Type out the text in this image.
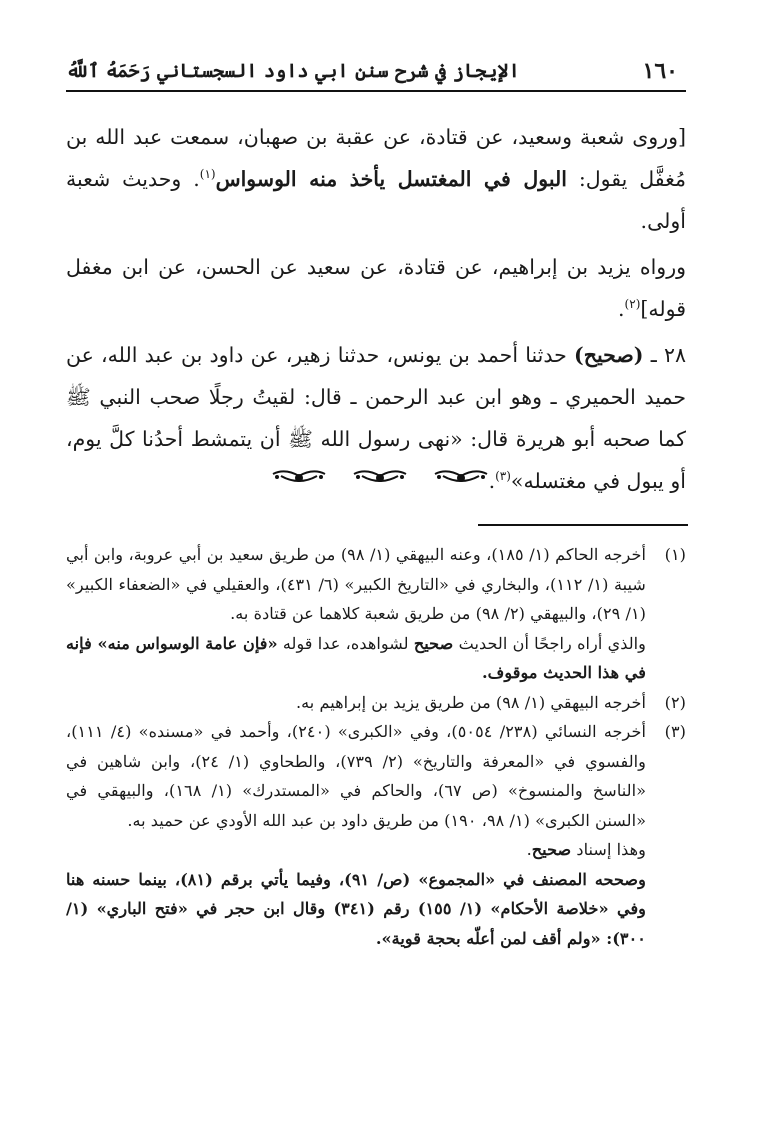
١٦٠
الإيجاز في شرح سنن ابي داود السجستاني رَحَمَهُ ٱللَّهُ

[وروى شعبة وسعيد، عن قتادة، عن عقبة بن صهبان، سمعت عبد الله بن مُغفَّل يقول: البول في المغتسل يأخذ منه الوسواس$^{(١)}$. وحديث شعبة أولى.

ورواه يزيد بن إبراهيم، عن قتادة، عن سعيد عن الحسن، عن ابن مغفل قوله]$^{(٢)}$.

٢٨ ـ (صحيح) حدثنا أحمد بن يونس، حدثنا زهير، عن داود بن عبد الله، عن حميد الحميري ـ وهو ابن عبد الرحمن ـ قال: لقيتُ رجلًا صحب النبي ﷺ كما صحبه أبو هريرة قال: «نهى رسول الله ﷺ أن يتمشط أحدُنا كلَّ يوم، أو يبول في مغتسله»$^{(٣)}$.

(١)

أخرجه الحاكم (١/ ١٨٥)، وعنه البيهقي (١/ ٩٨) من طريق سعيد بن أبي عروبة، وابن أبي شيبة (١/ ١١٢)، والبخاري في «التاريخ الكبير» (٦/ ٤٣١)، والعقيلي في «الضعفاء الكبير» (١/ ٢٩)، والبيهقي (٢/ ٩٨) من طريق شعبة كلاهما عن قتادة به.

والذي أراه راجحًا أن الحديث صحيح لشواهده، عدا قوله «فإن عامة الوسواس منه» فإنه في هذا الحديث موقوف.

(٢)

أخرجه البيهقي (١/ ٩٨) من طريق يزيد بن إبراهيم به.

(٣)

أخرجه النسائي (٢٣٨/ ٥٠٥٤)، وفي «الكبرى» (٢٤٠)، وأحمد في «مسنده» (٤/ ١١١)، والفسوي في «المعرفة والتاريخ» (٢/ ٧٣٩)، والطحاوي (١/ ٢٤)، وابن شاهين في «الناسخ والمنسوخ» (ص ٦٧)، والحاكم في «المستدرك» (١/ ١٦٨)، والبيهقي في «السنن الكبرى» (١/ ٩٨، ١٩٠) من طريق داود بن عبد الله الأودي عن حميد به.

وهذا إسناد صحيح.

وصححه المصنف في «المجموع» (ص/ ٩١)، وفيما يأتي برقم (٨١)، بينما حسنه هنا وفي «خلاصة الأحكام» (١/ ١٥٥) رقم (٣٤١) وقال ابن حجر في «فتح الباري» (١/ ٣٠٠): «ولم أقف لمن أعلّه بحجة قوية».
